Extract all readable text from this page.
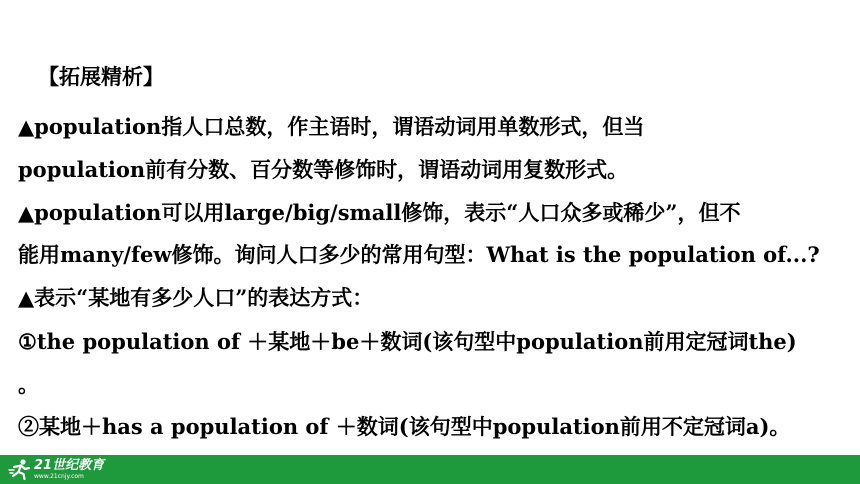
【拓展精析】
▲population指人口总数，作主语时，谓语动词用单数形式，但当
population前有分数、百分数等修饰时，谓语动词用复数形式。
▲population可以用large/big/small修饰，表示“人口众多或稀少”，但不
能用many/few修饰。询问人口多少的常用句型：What is the population of...?
▲表示“某地有多少人口”的表达方式：
①the population of ＋某地＋be＋数词(该句型中population前用定冠词the)
。
②某地＋has a population of ＋数词(该句型中population前用不定冠词a)。
21世纪教育
www.21cnjy.com
